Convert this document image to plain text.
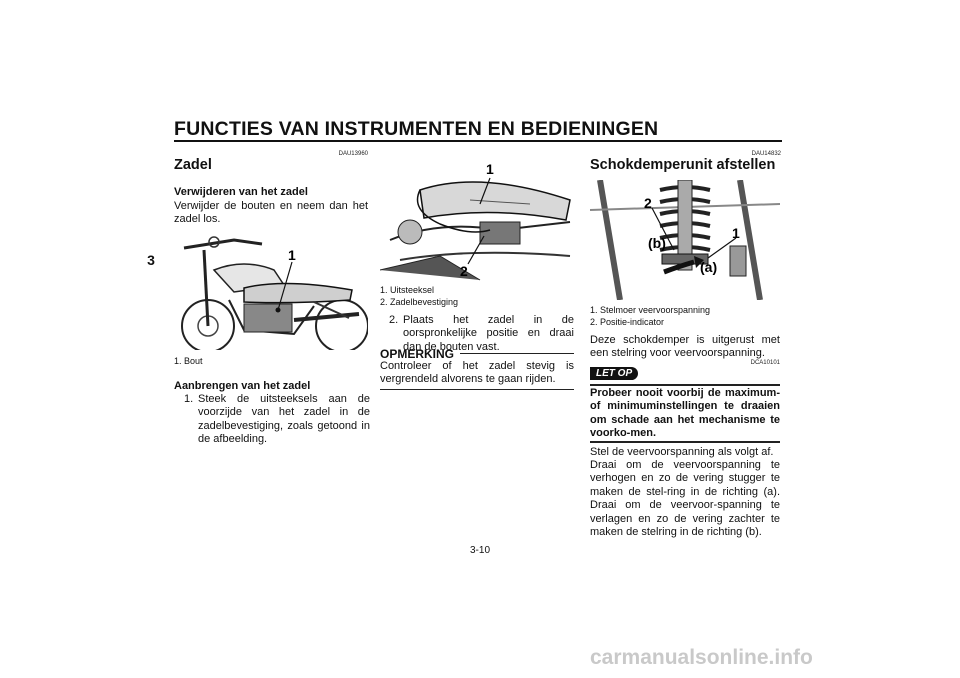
FUNCTIES VAN INSTRUMENTEN EN BEDIENINGEN
3
DAU13960
Zadel
Verwijderen van het zadel
Verwijder de bouten en neem dan het zadel los.
1
1. Bout
Aanbrengen van het zadel
1. Steek de uitsteeksels aan de voorzijde van het zadel in de zadelbevestiging, zoals getoond in de afbeelding.
1
2
1. Uitsteeksel
2. Zadelbevestiging
2. Plaats het zadel in de oorspronkelijke positie en draai dan de bouten vast.
OPMERKING
Controleer of het zadel stevig is vergrendeld alvorens te gaan rijden.
DAU14832
Schokdemperunit afstellen
2
1
(b)
(a)
1. Stelmoer veervoorspanning
2. Positie-indicator
Deze schokdemper is uitgerust met een stelring voor veervoorspanning.
LET OP
DCA10101
Probeer nooit voorbij de maximum- of minimuminstellingen te draaien om schade aan het mechanisme te voorko-men.
Stel de veervoorspanning als volgt af.
Draai om de veervoorspanning te verhogen en zo de vering stugger te maken de stel-ring in de richting (a). Draai om de veervoor-spanning te verlagen en zo de vering zachter te maken de stelring in de richting (b).
3-10
carmanualsonline.info
